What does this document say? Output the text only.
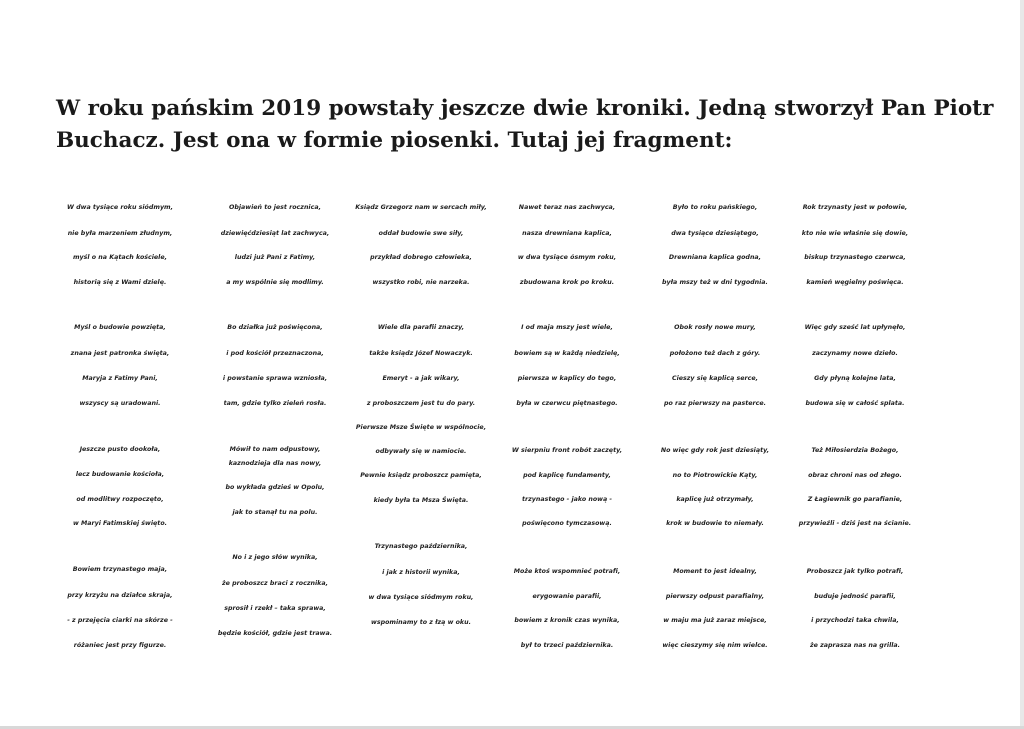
W roku pańskim 2019 powstały jeszcze dwie kroniki. Jedną stworzył Pan Piotr
Buchacz. Jest ona w formie piosenki. Tutaj jej fragment:
W dwa tysiące roku siódmym,
nie była marzeniem złudnym,
myśl o na Kątach kościele,
historią się z Wami dzielę.
Myśl o budowie powzięta,
znana jest patronka święta,
Maryja z Fatimy Pani,
wszyscy są uradowani.
Jeszcze pusto dookoła,
lecz budowanie kościoła,
od modlitwy rozpoczęto,
w Maryi Fatimskiej święto.
Bowiem trzynastego maja,
przy krzyżu na działce skraja,
- z przejęcia ciarki na skórze -
różaniec jest przy figurze.
Objawień to jest rocznica,
dziewięćdziesiąt lat zachwyca,
ludzi już Pani z Fatimy,
a my wspólnie się modlimy.
Bo działka już poświęcona,
i pod kościół przeznaczona,
i powstanie sprawa wzniosła,
tam, gdzie tylko zieleń rosła.
Mówił to nam odpustowy,
kaznodzieja dla nas nowy,
bo wykłada gdzieś w Opolu,
jak to stanął tu na polu.
No i z jego słów wynika,
że proboszcz braci z rocznika,
sprosił i rzekł – taka sprawa,
będzie kościół, gdzie jest trawa.
Ksiądz Grzegorz nam w sercach miły,
oddał budowie swe siły,
przykład dobrego człowieka,
wszystko robi, nie narzeka.
Wiele dla parafii znaczy,
także ksiądz Józef Nowaczyk.
Emeryt - a jak wikary,
z proboszczem jest tu do pary.
Pierwsze Msze Święte w wspólnocie,
odbywały się w namiocie.
Pewnie ksiądz proboszcz pamięta,
kiedy była ta Msza Święta.
Trzynastego października,
i jak z historii wynika,
w dwa tysiące siódmym roku,
wspominamy to z łzą w oku.
Nawet teraz nas zachwyca,
nasza drewniana kaplica,
w dwa tysiące ósmym roku,
zbudowana krok po kroku.
I od maja mszy jest wiele,
bowiem są w każdą niedzielę,
pierwsza w kaplicy do tego,
była w czerwcu piętnastego.
W sierpniu front robót zaczęty,
pod kaplicę fundamenty,
trzynastego - jako nową -
poświęcono tymczasową.
Może ktoś wspomnieć potrafi,
erygowanie parafii,
bowiem z kronik czas wynika,
był to trzeci października.
Było to roku pańskiego,
dwa tysiące dziesiątego,
Drewniana kaplica godna,
była mszy też w dni tygodnia.
Obok rosły nowe mury,
położono też dach z góry.
Cieszy się kaplicą serce,
po raz pierwszy na pasterce.
No więc gdy rok jest dziesiąty,
no to Piotrowickie Kąty,
kaplicę już otrzymały,
krok w budowie to niemały.
Moment to jest idealny,
pierwszy odpust parafialny,
w maju ma już zaraz miejsce,
więc cieszymy się nim wielce.
Rok trzynasty jest w połowie,
kto nie wie właśnie się dowie,
biskup trzynastego czerwca,
kamień węgielny poświęca.
Więc gdy sześć lat upłynęło,
zaczynamy nowe dzieło.
Gdy płyną kolejne lata,
budowa się w całość splata.
Też Miłosierdzia Bożego,
obraz chroni nas od złego.
Z Łagiewnik go parafianie,
przywieźli - dziś jest na ścianie.
Proboszcz jak tylko potrafi,
buduje jedność parafii,
i przychodzi taka chwila,
że zaprasza nas na grilla.
